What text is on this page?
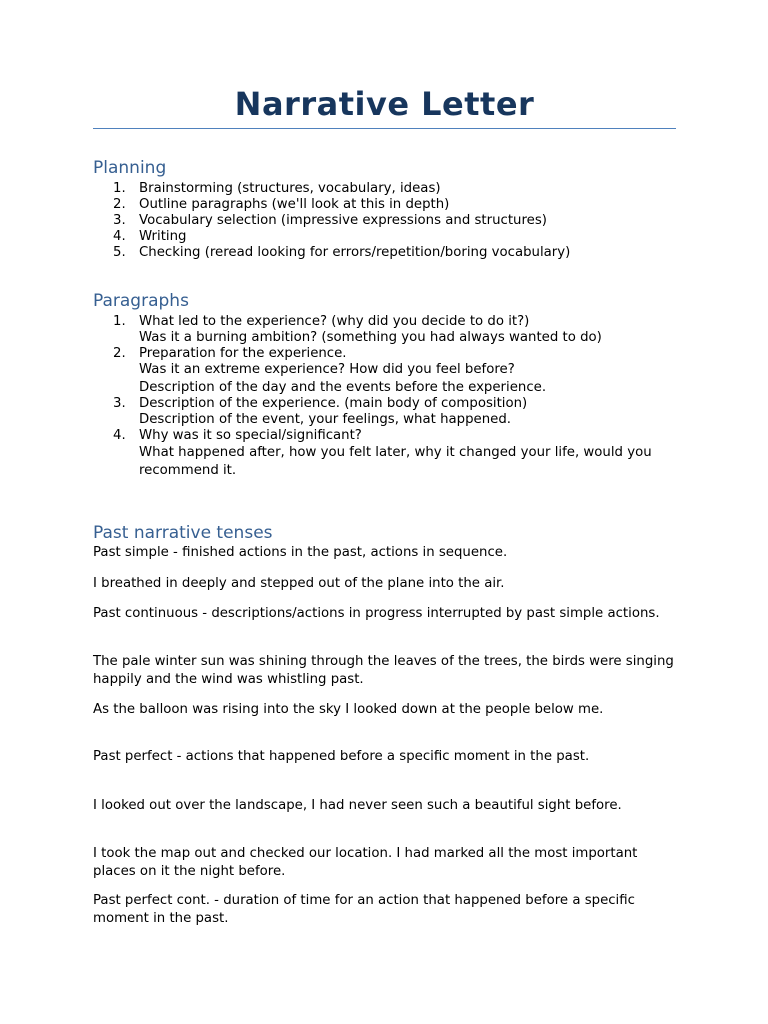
Narrative Letter
Planning
1. Brainstorming (structures, vocabulary, ideas)
2. Outline paragraphs (we'll look at this in depth)
3. Vocabulary selection (impressive expressions and structures)
4. Writing
5. Checking (reread looking for errors/repetition/boring vocabulary)
Paragraphs
1. What led to the experience? (why did you decide to do it?)
Was it a burning ambition? (something you had always wanted to do)
2. Preparation for the experience.
Was it an extreme experience? How did you feel before?
Description of the day and the events before the experience.
3. Description of the experience. (main body of composition)
Description of the event, your feelings, what happened.
4. Why was it so special/significant?
What happened after, how you felt later, why it changed your life, would you recommend it.
Past narrative tenses

Past simple - finished actions in the past, actions in sequence.

I breathed in deeply and stepped out of the plane into the air.

Past continuous - descriptions/actions in progress interrupted by past simple actions.

The pale winter sun was shining through the leaves of the trees, the birds were singing happily and the wind was whistling past.

As the balloon was rising into the sky I looked down at the people below me.

Past perfect - actions that happened before a specific moment in the past.

I looked out over the landscape, I had never seen such a beautiful sight before.

I took the map out and checked our location. I had marked all the most important places on it the night before.

Past perfect cont. - duration of time for an action that happened before a specific moment in the past.
